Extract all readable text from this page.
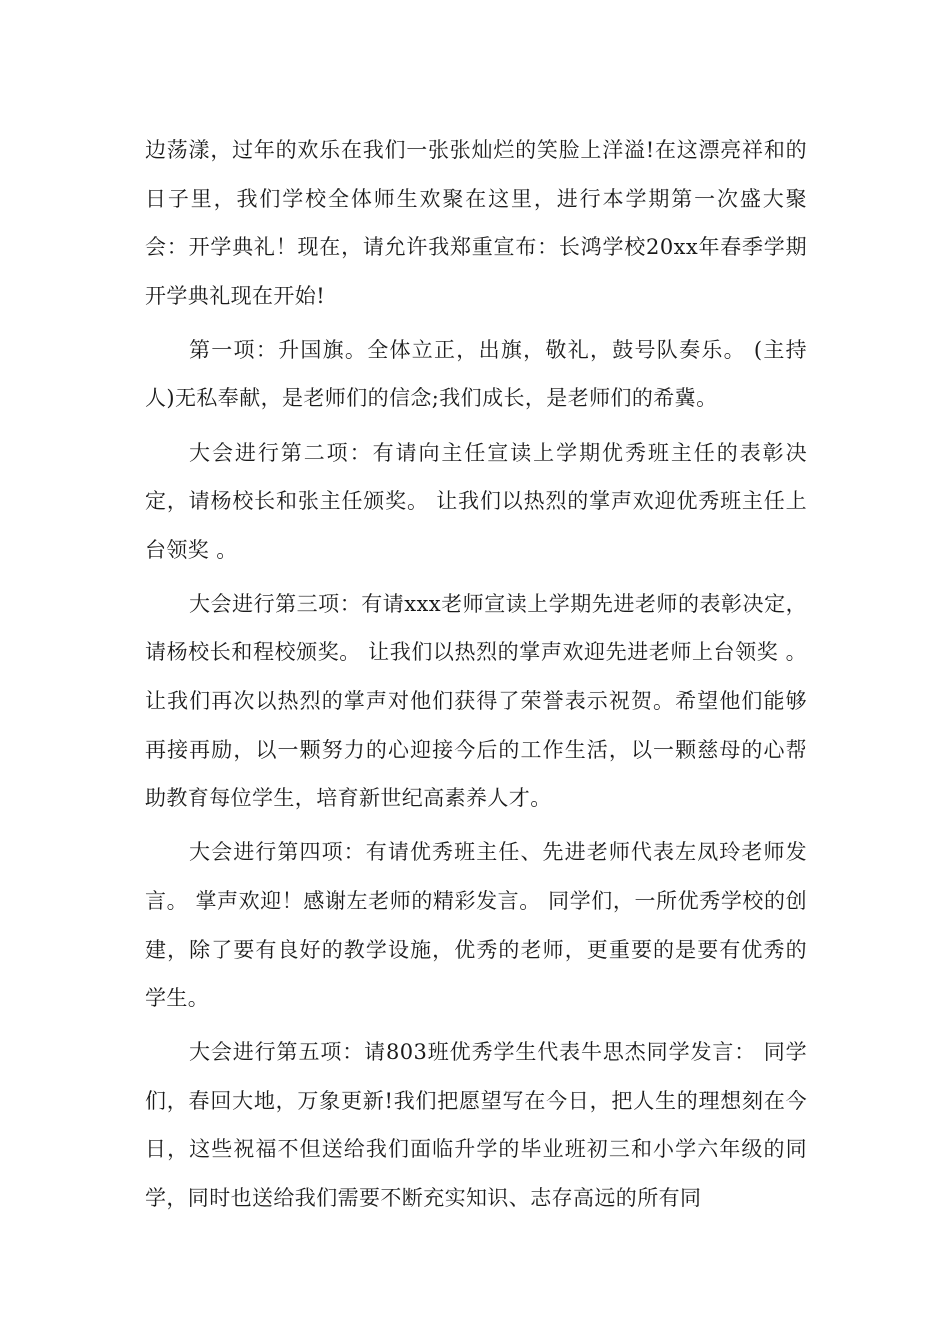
边荡漾，过年的欢乐在我们一张张灿烂的笑脸上洋溢!在这漂亮祥和的日子里，我们学校全体师生欢聚在这里，进行本学期第一次盛大聚会：开学典礼！现在，请允许我郑重宣布：长鸿学校20xx年春季学期开学典礼现在开始!

第一项：升国旗。全体立正，出旗，敬礼，鼓号队奏乐。 (主持人)无私奉献，是老师们的信念;我们成长，是老师们的希冀。

大会进行第二项：有请向主任宣读上学期优秀班主任的表彰决定，请杨校长和张主任颁奖。 让我们以热烈的掌声欢迎优秀班主任上台领奖 。

大会进行第三项：有请xxx老师宣读上学期先进老师的表彰决定，请杨校长和程校颁奖。 让我们以热烈的掌声欢迎先进老师上台领奖 。 让我们再次以热烈的掌声对他们获得了荣誉表示祝贺。希望他们能够再接再励，以一颗努力的心迎接今后的工作生活，以一颗慈母的心帮助教育每位学生，培育新世纪高素养人才。

大会进行第四项：有请优秀班主任、先进老师代表左凤玲老师发言。 掌声欢迎！感谢左老师的精彩发言。 同学们，一所优秀学校的创建，除了要有良好的教学设施，优秀的老师，更重要的是要有优秀的学生。

大会进行第五项：请803班优秀学生代表牛思杰同学发言： 同学们，春回大地，万象更新!我们把愿望写在今日，把人生的理想刻在今日，这些祝福不但送给我们面临升学的毕业班初三和小学六年级的同学，同时也送给我们需要不断充实知识、志存高远的所有同
